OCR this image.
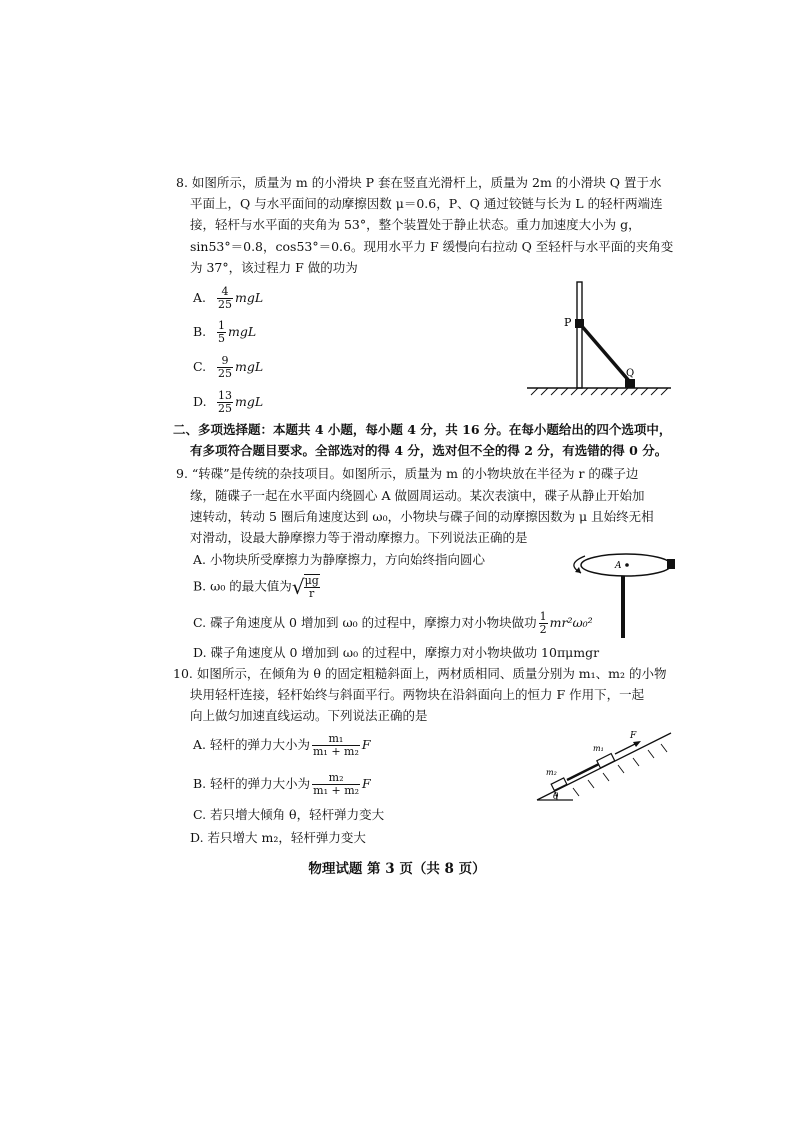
8. 如图所示，质量为 m 的小滑块 P 套在竖直光滑杆上，质量为 2m 的小滑块 Q 置于水
平面上，Q 与水平面间的动摩擦因数 μ＝0.6，P、Q 通过铰链与长为 L 的轻杆两端连
接，轻杆与水平面的夹角为 53°，整个装置处于静止状态。重力加速度大小为 g，
sin53°＝0.8，cos53°＝0.6。现用水平力 F 缓慢向右拉动 Q 至轻杆与水平面的夹角变
为 37°，该过程力 F 做的功为
A. $\frac{4}{25}$ mgL
B. $\frac{1}{5}$ mgL
C. $\frac{9}{25}$ mgL
D. $\frac{13}{25}$ mgL
P
Q
二、多项选择题：本题共 4 小题，每小题 4 分，共 16 分。在每小题给出的四个选项中，
有多项符合题目要求。全部选对的得 4 分，选对但不全的得 2 分，有选错的得 0 分。
9. “转碟”是传统的杂技项目。如图所示，质量为 m 的小物块放在半径为 r 的碟子边
缘，随碟子一起在水平面内绕圆心 A 做圆周运动。某次表演中，碟子从静止开始加
速转动，转动 5 圈后角速度达到 ω₀，小物块与碟子间的动摩擦因数为 μ 且始终无相
对滑动，设最大静摩擦力等于滑动摩擦力。下列说法正确的是
A. 小物块所受摩擦力为静摩擦力，方向始终指向圆心
B. ω₀ 的最大值为√ $\frac{\mu g}{r}$
C. 碟子角速度从 0 增加到 ω₀ 的过程中，摩擦力对小物块做功 $\frac{1}{2} mr^2\omega_0^2$
D. 碟子角速度从 0 增加到 ω₀ 的过程中，摩擦力对小物块做功 10πμmgr
A
10. 如图所示，在倾角为 θ 的固定粗糙斜面上，两材质相同、质量分别为 m₁、m₂ 的小物
块用轻杆连接，轻杆始终与斜面平行。两物块在沿斜面向上的恒力 F 作用下，一起
向上做匀加速直线运动。下列说法正确的是
A. 轻杆的弹力大小为 $\frac{\text{m₁}}{\text{m₁ + m₂}}$ F
B. 轻杆的弹力大小为 $\frac{\text{m₂}}{\text{m₁ + m₂}}$ F
C. 若只增大倾角 θ，轻杆弹力变大
D. 若只增大 m₂，轻杆弹力变大
θ
m₂
m₁
F
物理试题 第 3 页（共 8 页）
